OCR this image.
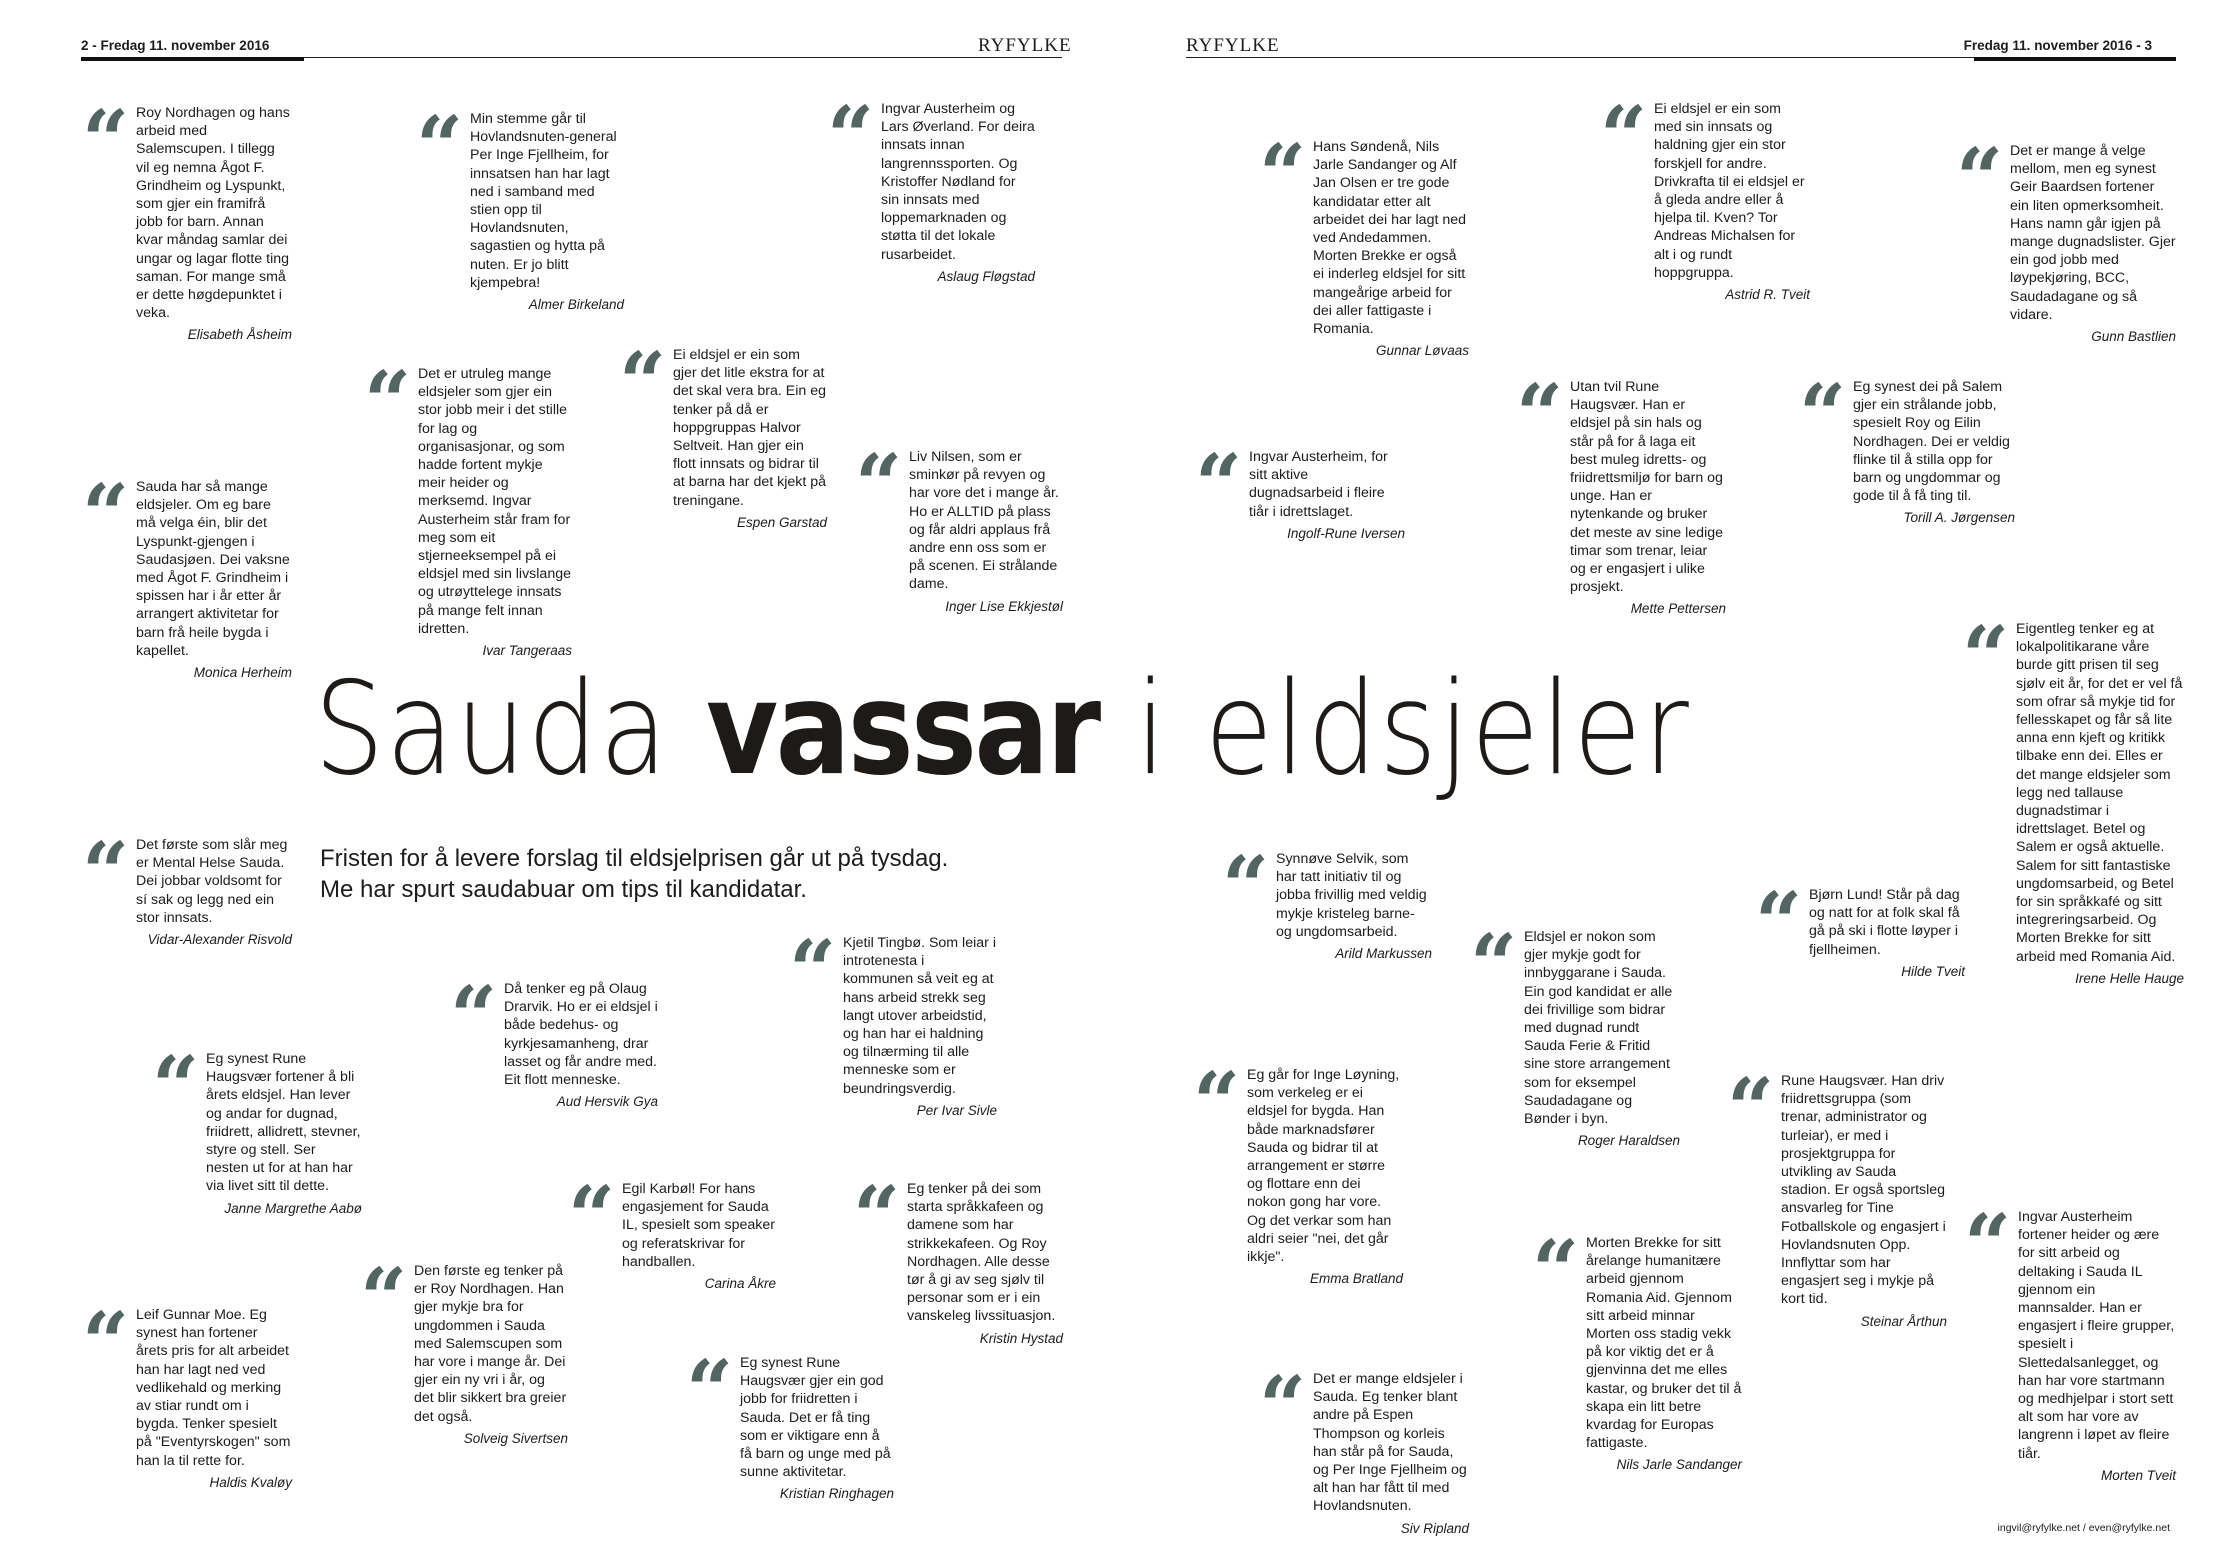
2 - Fredag 11. november 2016	RYFYLKE	RYFYLKE	Fredag 11. november 2016 - 3
Sauda vassar i eldsjeler
Fristen for å levere forslag til eldsjelprisen går ut på tysdag.
Me har spurt saudabuar om tips til kandidatar.
“ Roy Nordhagen og hans arbeid med Salemscupen. I tillegg vil eg nemna Ågot F. Grindheim og Lyspunkt, som gjer ein framifrå jobb for barn. Annan kvar måndag samlar dei ungar og lagar flotte ting saman. For mange små er dette høgdepunktet i veka.
Elisabeth Åsheim
“ Min stemme går til Hovlandsnuten-general Per Inge Fjellheim, for innsatsen han har lagt ned i samband med stien opp til Hovlandsnuten, sagastien og hytta på nuten. Er jo blitt kjempebra!
Almer Birkeland
“ Ingvar Austerheim og Lars Øverland. For deira innsats innan langrennssporten. Og Kristoffer Nødland for sin innsats med loppemarknaden og støtta til det lokale rusarbeidet.
Aslaug Fløgstad
“ Det er utruleg mange eldsjeler som gjer ein stor jobb meir i det stille for lag og organisasjonar, og som hadde fortent mykje meir heider og merksemd. Ingvar Austerheim står fram for meg som eit stjerneeksempel på ei eldsjel med sin livslange og utrøyttelege innsats på mange felt innan idretten.
Ivar Tangeraas
“ Ei eldsjel er ein som gjer det litle ekstra for at det skal vera bra. Ein eg tenker på då er hoppgruppas Halvor Seltveit. Han gjer ein flott innsats og bidrar til at barna har det kjekt på treningane.
Espen Garstad “ Liv Nilsen, som er sminkør på revyen og har vore det i mange år. Ho er ALLTID på plass og får aldri applaus frå andre enn oss som er på scenen. Ei strålande dame.
Inger Lise Ekkjestøl
“ Sauda har så mange eldsjeler. Om eg bare må velga éin, blir det Lyspunkt-gjengen i Saudasjøen. Dei vaksne med Ågot F. Grindheim i spissen har i år etter år arrangert aktivitetar for barn frå heile bygda i kapellet.
Monica Herheim
“ Det første som slår meg er Mental Helse Sauda. Dei jobbar voldsomt for sí sak og legg ned ein stor innsats.
Vidar-Alexander Risvold
“ Då tenker eg på Olaug Drarvik. Ho er ei eldsjel i både bedehus- og kyrkjesamanheng, drar lasset og får andre med. Eit flott menneske.
Aud Hersvik Gya
“ Kjetil Tingbø. Som leiar i introtenesta i kommunen så veit eg at hans arbeid strekk seg langt utover arbeidstid, og han har ei haldning og tilnærming til alle menneske som er beundringsverdig.
Per Ivar Sivle
“ Eg synest Rune Haugsvær fortener å bli årets eldsjel. Han lever og andar for dugnad, friidrett, allidrett, stevner, styre og stell. Ser nesten ut for at han har via livet sitt til dette.
Janne Margrethe Aabø	“ Egil Karbøl! For hans engasjement for Sauda IL, spesielt som speaker og referatskrivar for handballen.
Carina Åkre
“ Eg tenker på dei som starta språkkafeen og damene som har strikkekafeen. Og Roy Nordhagen. Alle desse tør å gi av seg sjølv til personar som er i ein vanskeleg livssituasjon.
Kristin Hystad
“ Den første eg tenker på er Roy Nordhagen. Han gjer mykje bra for ungdommen i Sauda med Salemscupen som har vore i mange år. Dei gjer ein ny vri i år, og det blir sikkert bra greier det også.
Solveig Sivertsen
“ Leif Gunnar Moe. Eg synest han fortener årets pris for alt arbeidet han har lagt ned ved vedlikehald og merking av stiar rundt om i bygda. Tenker spesielt på "Eventyrskogen" som han la til rette for.
Haldis Kvaløy
“ Eg synest Rune Haugsvær gjer ein god jobb for friidretten i Sauda. Det er få ting som er viktigare enn å få barn og unge med på sunne aktivitetar.
Kristian Ringhagen
“ Hans Søndenå, Nils Jarle Sandanger og Alf Jan Olsen er tre gode kandidatar etter alt arbeidet dei har lagt ned ved Andedammen. Morten Brekke er også ei inderleg eldsjel for sitt mangeårige arbeid for dei aller fattigaste i Romania.
Gunnar Løvaas
“ Ei eldsjel er ein som med sin innsats og haldning gjer ein stor forskjell for andre. Drivkrafta til ei eldsjel er å gleda andre eller å hjelpa til. Kven? Tor Andreas Michalsen for alt i og rundt hoppgruppa.
Astrid R. Tveit
“ Det er mange å velge mellom, men eg synest Geir Baardsen fortener ein liten opmerksomheit. Hans namn går igjen på mange dugnadslister. Gjer ein god jobb med løypekjøring, BCC, Saudadagane og så vidare.
Gunn Bastlien
“ Utan tvil Rune Haugsvær. Han er eldsjel på sin hals og står på for å laga eit best muleg idretts- og friidrettsmiljø for barn og unge. Han er nytenkande og bruker det meste av sine ledige timar som trenar, leiar og er engasjert i ulike prosjekt.
Mette Pettersen
“ Eg synest dei på Salem gjer ein strålande jobb, spesielt Roy og Eilin Nordhagen. Dei er veldig flinke til å stilla opp for barn og ungdommar og gode til å få ting til.
Torill A. Jørgensen
“ Ingvar Austerheim, for sitt aktive dugnadsarbeid i fleire tiår i idrettslaget.
Ingolf-Rune Iversen
“ Eigentleg tenker eg at lokalpolitikarane våre burde gitt prisen til seg sjølv eit år, for det er vel få som ofrar så mykje tid for fellesskapet og får så lite anna enn kjeft og kritikk tilbake enn dei. Elles er det mange eldsjeler som legg ned tallause dugnadstimar i idrettslaget. Betel og Salem er også aktuelle. Salem for sitt fantastiske ungdomsarbeid, og Betel for sin språkkafé og sitt integreringsarbeid. Og Morten Brekke for sitt arbeid med Romania Aid.
Irene Helle Hauge
“ Synnøve Selvik, som har tatt initiativ til og jobba frivillig med veldig mykje kristeleg barne- og ungdomsarbeid.
Arild Markussen	“ Bjørn Lund! Står på dag og natt for at folk skal få gå på ski i flotte løyper i fjellheimen.
Hilde Tveit
“ Eldsjel er nokon som gjer mykje godt for innbyggarane i Sauda. Ein god kandidat er alle dei frivillige som bidrar med dugnad rundt Sauda Ferie & Fritid sine store arrangement som for eksempel Saudadagane og Bønder i byn.
Roger Haraldsen
“ Eg går for Inge Løyning, som verkeleg er ei eldsjel for bygda. Han både marknadsfører Sauda og bidrar til at arrangement er større og flottare enn dei nokon gong har vore. Og det verkar som han aldri seier "nei, det går ikkje".
Emma Bratland
“ Rune Haugsvær. Han driv friidrettsgruppa (som trenar, administrator og turleiar), er med i prosjektgruppa for utvikling av Sauda stadion. Er også sportsleg ansvarleg for Tine Fotballskole og engasjert i Hovlandsnuten Opp. Innflyttar som har engasjert seg i mykje på kort tid.
Steinar Årthun
“ Morten Brekke for sitt årelange humanitære arbeid gjennom Romania Aid. Gjennom sitt arbeid minnar Morten oss stadig vekk på kor viktig det er å gjenvinna det me elles kastar, og bruker det til å skapa ein litt betre kvardag for Europas fattigaste.
Nils Jarle Sandanger
“ Ingvar Austerheim fortener heider og ære for sitt arbeid og deltaking i Sauda IL gjennom ein mannsalder. Han er engasjert i fleire grupper, spesielt i Slettedalsanlegget, og han har vore startmann og medhjelpar i stort sett alt som har vore av langrenn i løpet av fleire tiår.
Morten Tveit
“ Det er mange eldsjeler i Sauda. Eg tenker blant andre på Espen Thompson og korleis han står på for Sauda, og Per Inge Fjellheim og alt han har fått til med Hovlandsnuten.
Siv Ripland	ingvil@ryfylke.net / even@ryfylke.net
